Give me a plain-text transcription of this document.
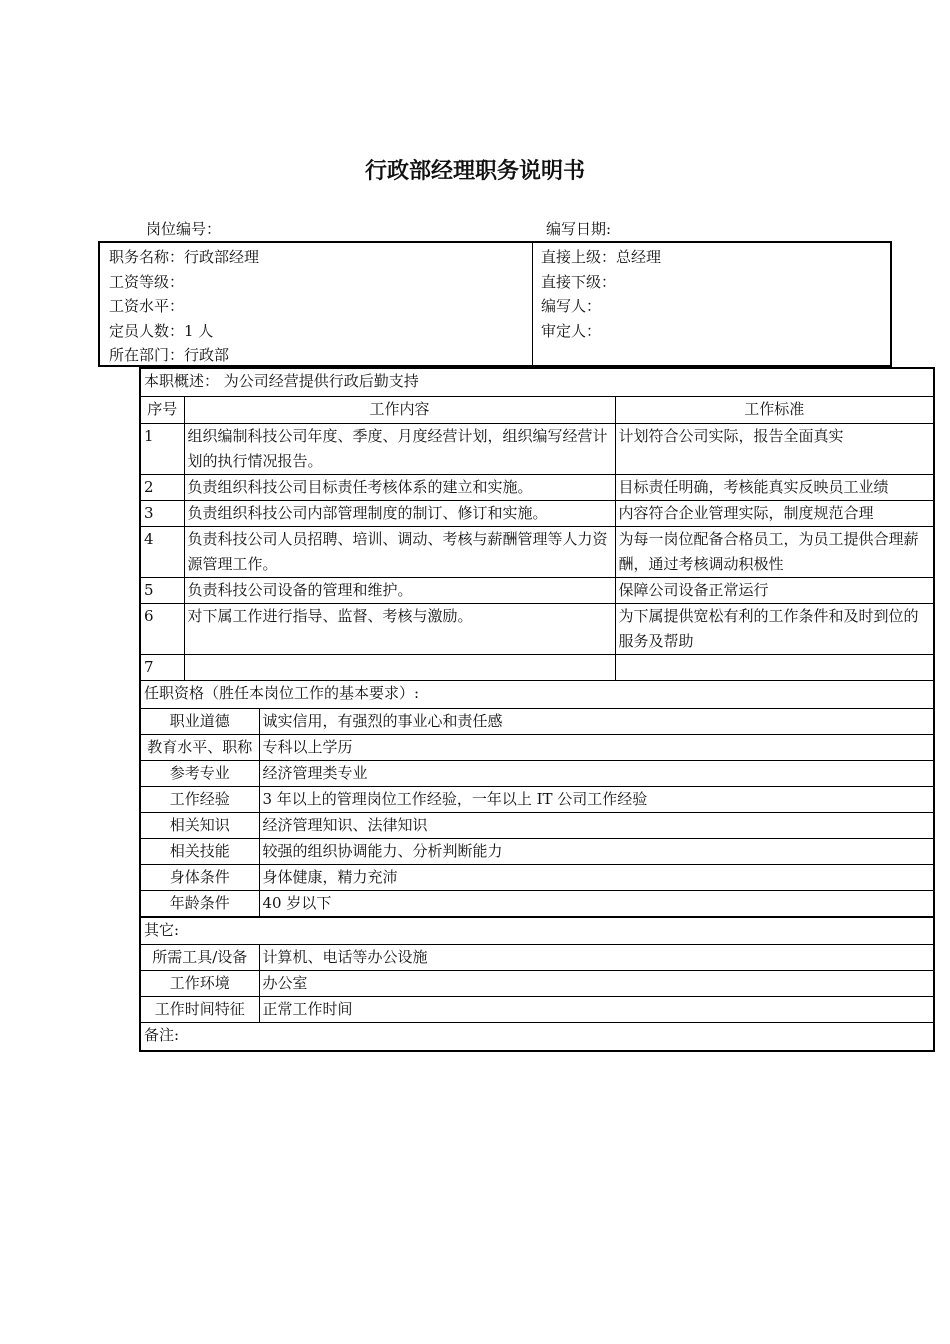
行政部经理职务说明书
岗位编号：	编写日期:
职务名称：行政部经理
工资等级：
工资水平：
定员人数：1 人
所在部门：行政部
直接上级：总经理
直接下级：
编写人：
审定人：
本职概述： 为公司经营提供行政后勤支持			
序号	工作内容		工作标准
1	组织编制科技公司年度、季度、月度经营计划，组织编写经营计划的执行情况报告。		计划符合公司实际，报告全面真实
2	负责组织科技公司目标责任考核体系的建立和实施。		目标责任明确，考核能真实反映员工业绩
3	负责组织科技公司内部管理制度的制订、修订和实施。		内容符合企业管理实际，制度规范合理
4	负责科技公司人员招聘、培训、调动、考核与薪酬管理等人力资源管理工作。		为每一岗位配备合格员工，为员工提供合理薪酬，通过考核调动积极性
5	负责科技公司设备的管理和维护。		保障公司设备正常运行
6	对下属工作进行指导、监督、考核与激励。		为下属提供宽松有利的工作条件和及时到位的服务及帮助
7			
任职资格（胜任本岗位工作的基本要求）:			
职业道德		诚实信用，有强烈的事业心和责任感	
教育水平、职称		专科以上学历	
参考专业		经济管理类专业	
工作经验		3 年以上的管理岗位工作经验，一年以上 IT 公司工作经验	
相关知识		经济管理知识、法律知识	
相关技能		较强的组织协调能力、分析判断能力	
身体条件		身体健康，精力充沛	
年龄条件		40 岁以下	
其它:			
所需工具/设备		计算机、电话等办公设施	
工作环境		办公室	
工作时间特征		正常工作时间	
备注:			
